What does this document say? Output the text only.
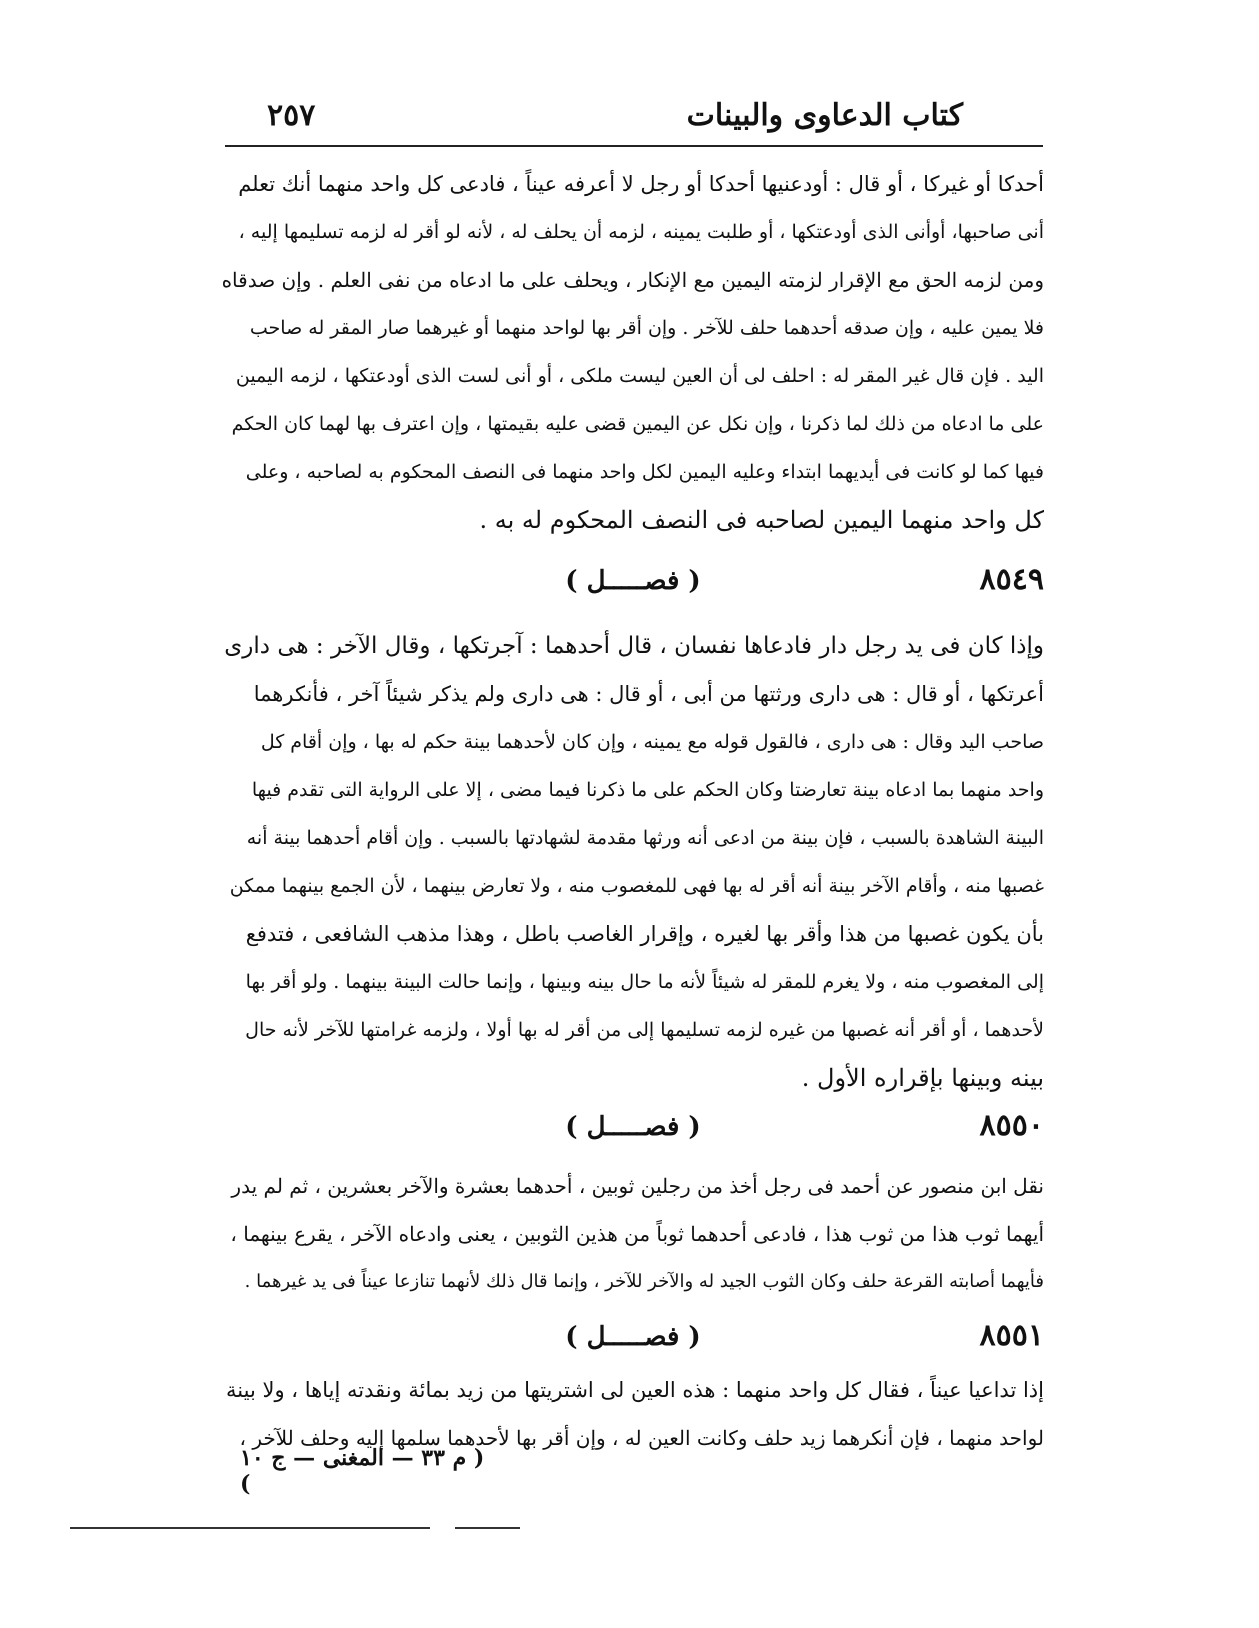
٢٥٧	كتاب الدعاوى والبينات
أحدكا أو غيركا ، أو قال : أودعنيها أحدكا أو رجل لا أعرفه عيناً ، فادعى كل واحد منهما أنك تعلم
أنى صاحبها، أوأنى الذى أودعتكها ، أو طلبت يمينه ، لزمه أن يحلف له ، لأنه لو أقر له لزمه تسليمها إليه ،
ومن لزمه الحق مع الإقرار لزمته اليمين مع الإنكار ، ويحلف على ما ادعاه من نفى العلم . وإن صدقاه
فلا يمين عليه ، وإن صدقه أحدهما حلف للآخر . وإن أقر بها لواحد منهما أو غيرهما صار المقر له صاحب
اليد . فإن قال غير المقر له : احلف لى أن العين ليست ملكى ، أو أنى لست الذى أودعتكها ، لزمه اليمين
على ما ادعاه من ذلك لما ذكرنا ، وإن نكل عن اليمين قضى عليه بقيمتها ، وإن اعترف بها لهما كان الحكم
فيها كما لو كانت فى أيديهما ابتداء وعليه اليمين لكل واحد منهما فى النصف المحكوم به لصاحبه ، وعلى
كل واحد منهما اليمين لصاحبه فى النصف المحكوم له به .
٨٥٤٩
( فصـــــل )
وإذا كان فى يد رجل دار فادعاها نفسان ، قال أحدهما : آجرتكها ، وقال الآخر : هى دارى
أعرتكها ، أو قال : هى دارى ورثتها من أبى ، أو قال : هى دارى ولم يذكر شيئاً آخر ، فأنكرهما
صاحب اليد وقال : هى دارى ، فالقول قوله مع يمينه ، وإن كان لأحدهما بينة حكم له بها ، وإن أقام كل
واحد منهما بما ادعاه بينة تعارضتا وكان الحكم على ما ذكرنا فيما مضى ، إلا على الرواية التى تقدم فيها
البينة الشاهدة بالسبب ، فإن بينة من ادعى أنه ورثها مقدمة لشهادتها بالسبب . وإن أقام أحدهما بينة أنه
غصبها منه ، وأقام الآخر بينة أنه أقر له بها فهى للمغصوب منه ، ولا تعارض بينهما ، لأن الجمع بينهما ممكن
بأن يكون غصبها من هذا وأقر بها لغيره ، وإقرار الغاصب باطل ، وهذا مذهب الشافعى ، فتدفع
إلى المغصوب منه ، ولا يغرم للمقر له شيئاً لأنه ما حال بينه وبينها ، وإنما حالت البينة بينهما . ولو أقر بها
لأحدهما ، أو أقر أنه غصبها من غيره لزمه تسليمها إلى من أقر له بها أولا ، ولزمه غرامتها للآخر لأنه حال
بينه وبينها بإقراره الأول .
٨٥٥٠
( فصـــــل )
نقل ابن منصور عن أحمد فى رجل أخذ من رجلين ثوبين ، أحدهما بعشرة والآخر بعشرين ، ثم لم يدر
أيهما ثوب هذا من ثوب هذا ، فادعى أحدهما ثوباً من هذين الثوبين ، يعنى وادعاه الآخر ، يقرع بينهما ،
فأيهما أصابته القرعة حلف وكان الثوب الجيد له والآخر للآخر ، وإنما قال ذلك لأنهما تنازعا عيناً فى يد غيرهما .
٨٥٥١
( فصـــــل )
إذا تداعيا عيناً ، فقال كل واحد منهما : هذه العين لى اشتريتها من زيد بمائة ونقدته إياها ، ولا بينة
لواحد منهما ، فإن أنكرهما زيد حلف وكانت العين له ، وإن أقر بها لأحدهما سلمها إليه وحلف للآخر ،
( م ٣٣ — المغنى — ج ١٠ )
